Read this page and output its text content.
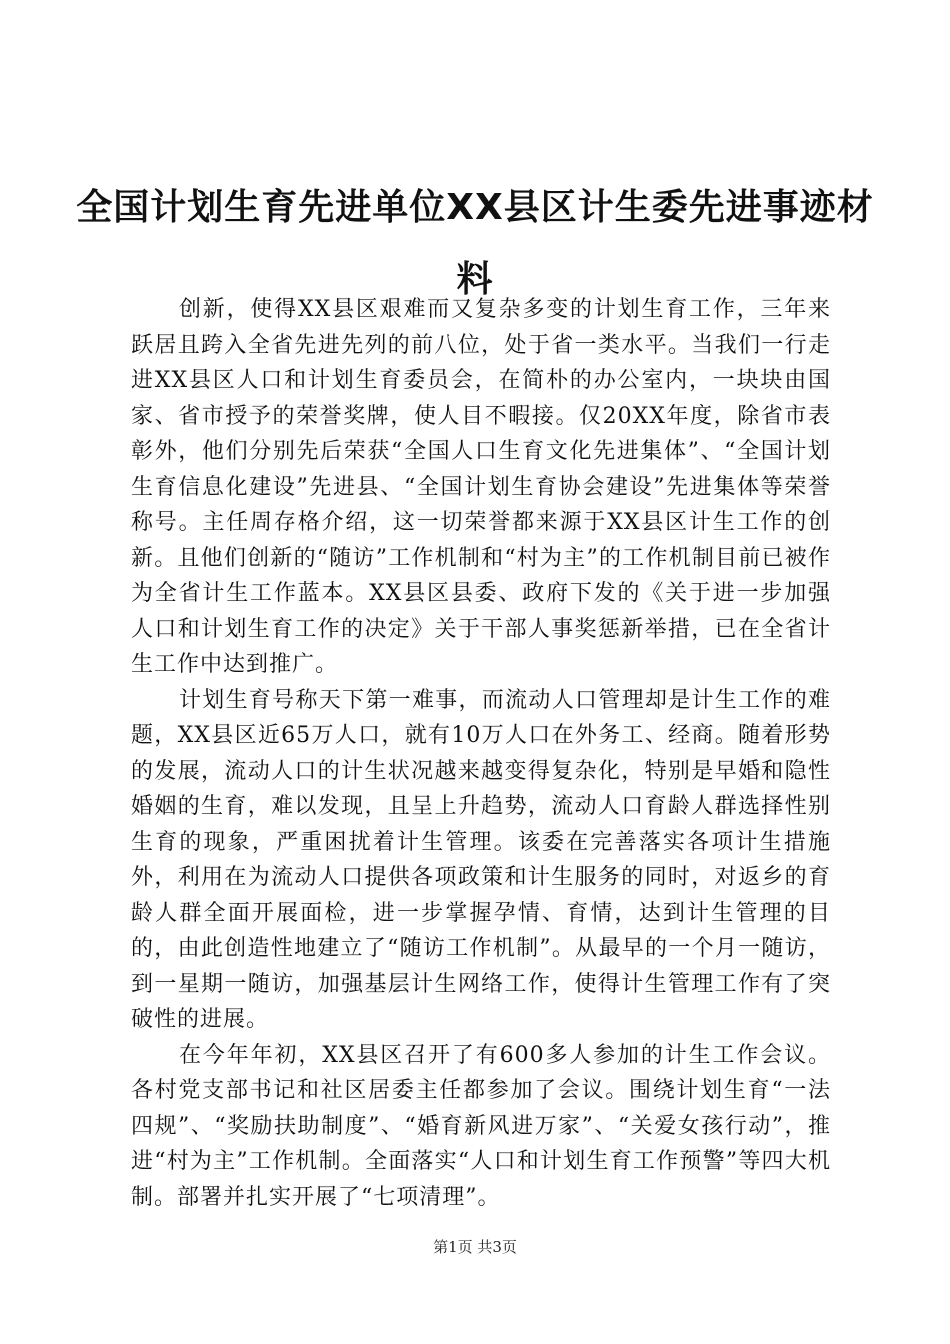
全国计划生育先进单位XX县区计生委先进事迹材料

创新，使得XX县区艰难而又复杂多变的计划生育工作，三年来跃居且跨入全省先进先列的前八位，处于省一类水平。当我们一行走进XX县区人口和计划生育委员会，在简朴的办公室内，一块块由国家、省市授予的荣誉奖牌，使人目不暇接。仅20XX年度，除省市表彰外，他们分别先后荣获“全国人口生育文化先进集体”、“全国计划生育信息化建设”先进县、“全国计划生育协会建设”先进集体等荣誉称号。主任周存格介绍，这一切荣誉都来源于XX县区计生工作的创新。且他们创新的“随访”工作机制和“村为主”的工作机制目前已被作为全省计生工作蓝本。XX县区县委、政府下发的《关于进一步加强人口和计划生育工作的决定》关于干部人事奖惩新举措，已在全省计生工作中达到推广。

计划生育号称天下第一难事，而流动人口管理却是计生工作的难题，XX县区近65万人口，就有10万人口在外务工、经商。随着形势的发展，流动人口的计生状况越来越变得复杂化，特别是早婚和隐性婚姻的生育，难以发现，且呈上升趋势，流动人口育龄人群选择性别生育的现象，严重困扰着计生管理。该委在完善落实各项计生措施外，利用在为流动人口提供各项政策和计生服务的同时，对返乡的育龄人群全面开展面检，进一步掌握孕情、育情，达到计生管理的目的，由此创造性地建立了“随访工作机制”。从最早的一个月一随访，到一星期一随访，加强基层计生网络工作，使得计生管理工作有了突破性的进展。

在今年年初，XX县区召开了有600多人参加的计生工作会议。各村党支部书记和社区居委主任都参加了会议。围绕计划生育“一法四规”、“奖励扶助制度”、“婚育新风进万家”、“关爱女孩行动”，推进“村为主”工作机制。全面落实“人口和计划生育工作预警”等四大机制。部署并扎实开展了“七项清理”。

第1页 共3页
